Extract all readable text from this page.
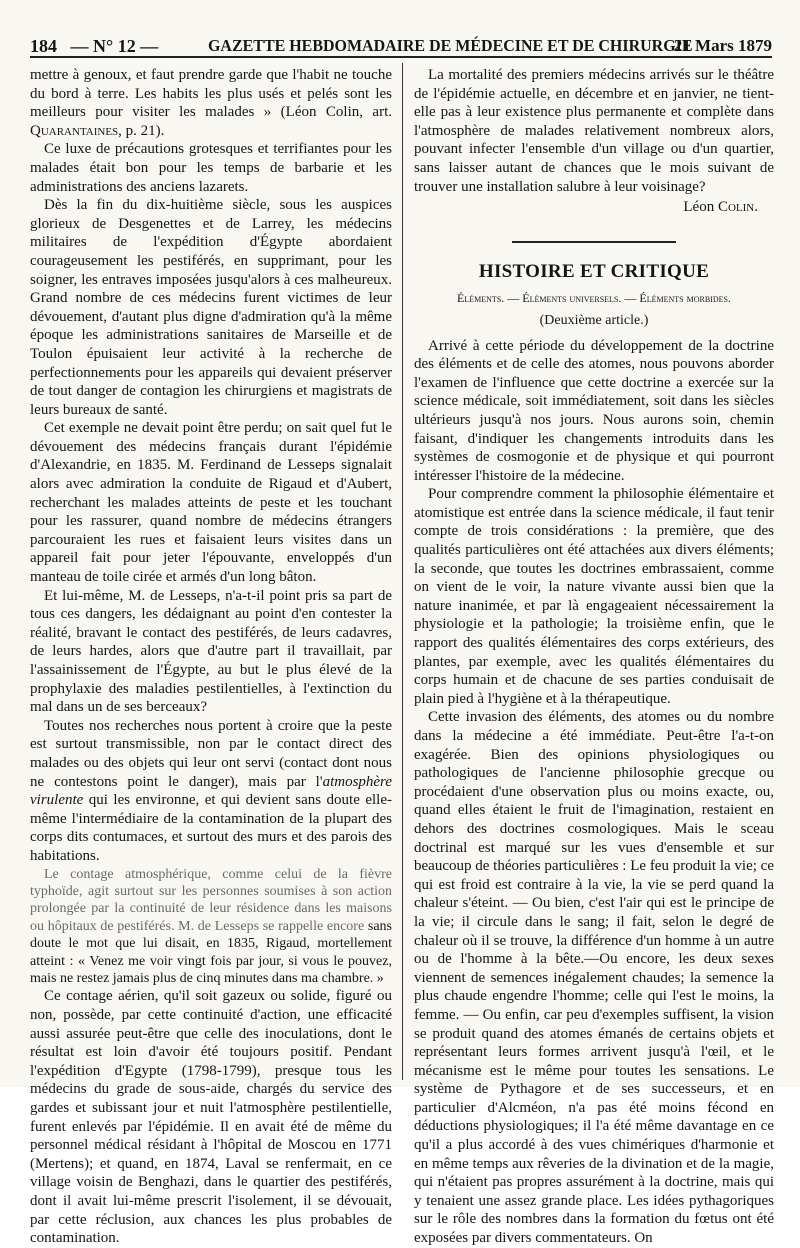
184 — N° 12 —	GAZETTE HEBDOMADAIRE DE MÉDECINE ET DE CHIRURGIE
21 Mars 1879

mettre à genoux, et faut prendre garde que l'habit ne touche du bord à terre. Les habits les plus usés et pelés sont les meilleurs pour visiter les malades » (Léon Colin, art. Quarantaines, p. 21).

Ce luxe de précautions grotesques et terrifiantes pour les malades était bon pour les temps de barbarie et les administrations des anciens lazarets.

Dès la fin du dix-huitième siècle, sous les auspices glorieux de Desgenettes et de Larrey, les médecins militaires de l'expédition d'Égypte abordaient courageusement les pestiférés, en supprimant, pour les soigner, les entraves imposées jusqu'alors à ces malheureux. Grand nombre de ces médecins furent victimes de leur dévouement, d'autant plus digne d'admiration qu'à la même époque les administrations sanitaires de Marseille et de Toulon épuisaient leur activité à la recherche de perfectionnements pour les appareils qui devaient préserver de tout danger de contagion les chirurgiens et magistrats de leurs bureaux de santé.

Cet exemple ne devait point être perdu; on sait quel fut le dévouement des médecins français durant l'épidémie d'Alexandrie, en 1835. M. Ferdinand de Lesseps signalait alors avec admiration la conduite de Rigaud et d'Aubert, recherchant les malades atteints de peste et les touchant pour les rassurer, quand nombre de médecins étrangers parcouraient les rues et faisaient leurs visites dans un appareil fait pour jeter l'épouvante, enveloppés d'un manteau de toile cirée et armés d'un long bâton.

Et lui-même, M. de Lesseps, n'a-t-il point pris sa part de tous ces dangers, les dédaignant au point d'en contester la réalité, bravant le contact des pestiférés, de leurs cadavres, de leurs hardes, alors que d'autre part il travaillait, par l'assainissement de l'Égypte, au but le plus élevé de la prophylaxie des maladies pestilentielles, à l'extinction du mal dans un de ses berceaux?

Toutes nos recherches nous portent à croire que la peste est surtout transmissible, non par le contact direct des malades ou des objets qui leur ont servi (contact dont nous ne contestons point le danger), mais par l'atmosphère virulente qui les environne, et qui devient sans doute elle-même l'intermédiaire de la contamination de la plupart des corps dits contumaces, et surtout des murs et des parois des habitations.

Le contage atmosphérique, comme celui de la fièvre typhoïde, agit surtout sur les personnes soumises à son action prolongée par la continuité de leur résidence dans les maisons ou hôpitaux de pestiférés. M. de Lesseps se rappelle encore sans doute le mot que lui disait, en 1835, Rigaud, mortellement atteint : « Venez me voir vingt fois par jour, si vous le pouvez, mais ne restez jamais plus de cinq minutes dans ma chambre. »

Ce contage aérien, qu'il soit gazeux ou solide, figuré ou non, possède, par cette continuité d'action, une efficacité aussi assurée peut-être que celle des inoculations, dont le résultat est loin d'avoir été toujours positif. Pendant l'expédition d'Egypte (1798-1799), presque tous les médecins du grade de sous-aide, chargés du service des gardes et subissant jour et nuit l'atmosphère pestilentielle, furent enlevés par l'épidémie. Il en avait été de même du personnel médical résidant à l'hôpital de Moscou en 1771 (Mertens); et quand, en 1874, Laval se renfermait, en ce village voisin de Benghazi, dans le quartier des pestiférés, dont il avait lui-même prescrit l'isolement, il se dévouait, par cette réclusion, aux chances les plus probables de contamination.

La mortalité des premiers médecins arrivés sur le théâtre de l'épidémie actuelle, en décembre et en janvier, ne tient-elle pas à leur existence plus permanente et complète dans l'atmosphère de malades relativement nombreux alors, pouvant infecter l'ensemble d'un village ou d'un quartier, sans laisser autant de chances que le mois suivant de trouver une installation salubre à leur voisinage?

Léon Colin.
HISTOIRE ET CRITIQUE
Éléments. — Éléments universels. — Éléments morbides.
(Deuxième article.)

Arrivé à cette période du développement de la doctrine des éléments et de celle des atomes, nous pouvons aborder l'examen de l'influence que cette doctrine a exercée sur la science médicale, soit immédiatement, soit dans les siècles ultérieurs jusqu'à nos jours. Nous aurons soin, chemin faisant, d'indiquer les changements introduits dans les systèmes de cosmogonie et de physique et qui pourront intéresser l'histoire de la médecine.

Pour comprendre comment la philosophie élémentaire et atomistique est entrée dans la science médicale, il faut tenir compte de trois considérations : la première, que des qualités particulières ont été attachées aux divers éléments; la seconde, que toutes les doctrines embrassaient, comme on vient de le voir, la nature vivante aussi bien que la nature inanimée, et par là engageaient nécessairement la physiologie et la pathologie; la troisième enfin, que le rapport des qualités élémentaires des corps extérieurs, des plantes, par exemple, avec les qualités élémentaires du corps humain et de chacune de ses parties conduisait de plain pied à l'hygiène et à la thérapeutique.

Cette invasion des éléments, des atomes ou du nombre dans la médecine a été immédiate. Peut-être l'a-t-on exagérée. Bien des opinions physiologiques ou pathologiques de l'ancienne philosophie grecque ou procédaient d'une observation plus ou moins exacte, ou, quand elles étaient le fruit de l'imagination, restaient en dehors des doctrines cosmologiques. Mais le sceau doctrinal est marqué sur les vues d'ensemble et sur beaucoup de théories particulières : Le feu produit la vie; ce qui est froid est contraire à la vie, la vie se perd quand la chaleur s'éteint. — Ou bien, c'est l'air qui est le principe de la vie; il circule dans le sang; il fait, selon le degré de chaleur où il se trouve, la différence d'un homme à un autre ou de l'homme à la bête.—Ou encore, les deux sexes viennent de semences inégalement chaudes; la semence la plus chaude engendre l'homme; celle qui l'est le moins, la femme. — Ou enfin, car peu d'exemples suffisent, la vision se produit quand des atomes émanés de certains objets et représentant leurs formes arrivent jusqu'à l'œil, et le mécanisme est le même pour toutes les sensations. Le système de Pythagore et de ses successeurs, et en particulier d'Alcméon, n'a pas été moins fécond en déductions physiologiques; il l'a été même davantage en ce qu'il a plus accordé à des vues chimériques d'harmonie et en même temps aux rêveries de la divination et de la magie, qui n'étaient pas propres assurément à la doctrine, mais qui y tenaient une assez grande place. Les idées pythagoriques sur le rôle des nombres dans la formation du fœtus ont été exposées par divers commentateurs. On
